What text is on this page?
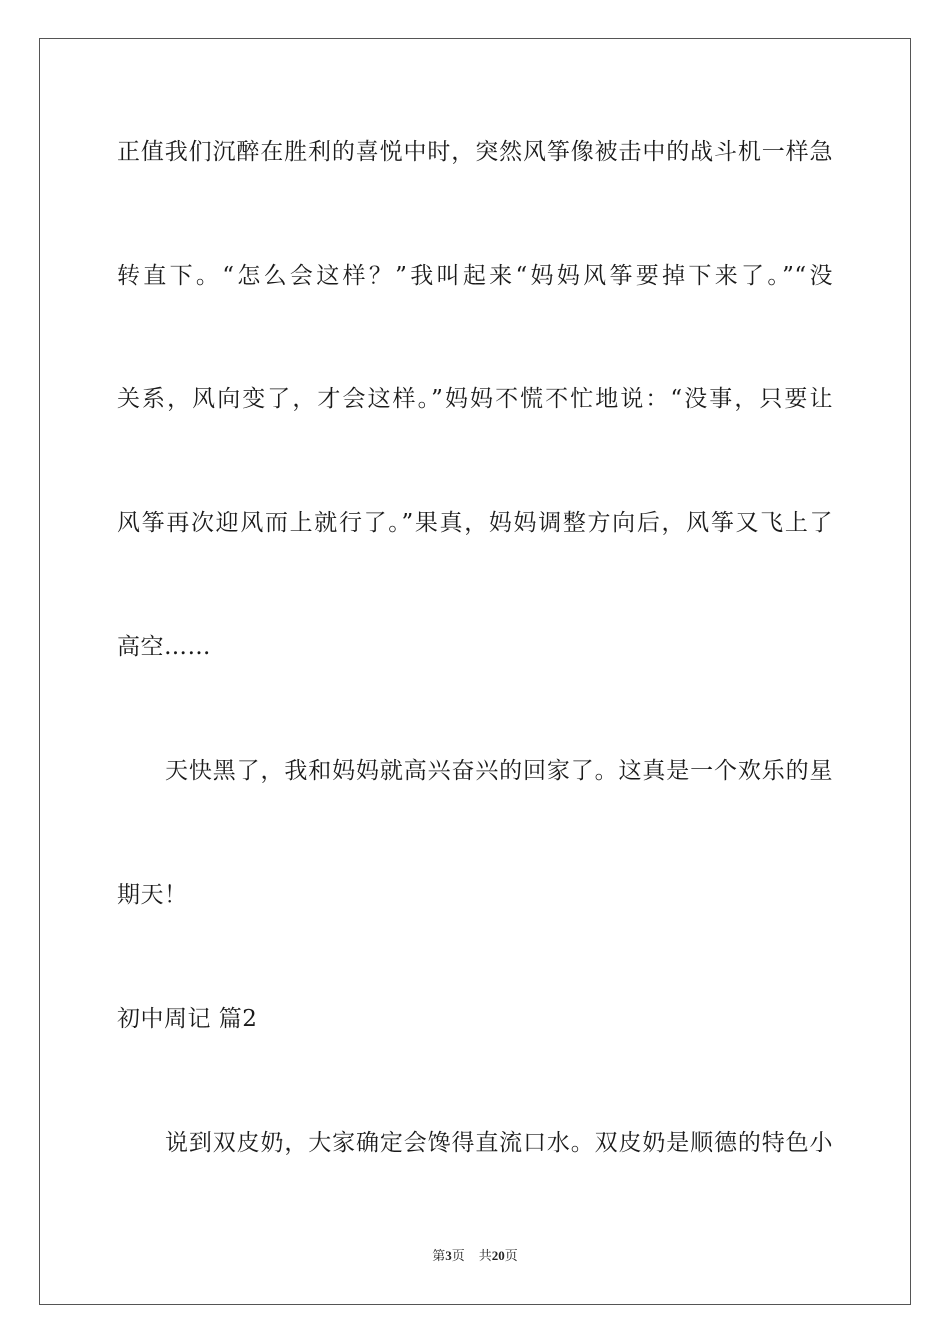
正值我们沉醉在胜利的喜悦中时，突然风筝像被击中的战斗机一样急
转直下。“怎么会这样？”我叫起来“妈妈风筝要掉下来了。”“没
关系，风向变了，才会这样。”妈妈不慌不忙地说：“没事，只要让
风筝再次迎风而上就行了。”果真，妈妈调整方向后，风筝又飞上了
高空……
天快黑了，我和妈妈就高兴奋兴的回家了。这真是一个欢乐的星
期天！
初中周记 篇2
说到双皮奶，大家确定会馋得直流口水。双皮奶是顺德的特色小
第3页 共20页
